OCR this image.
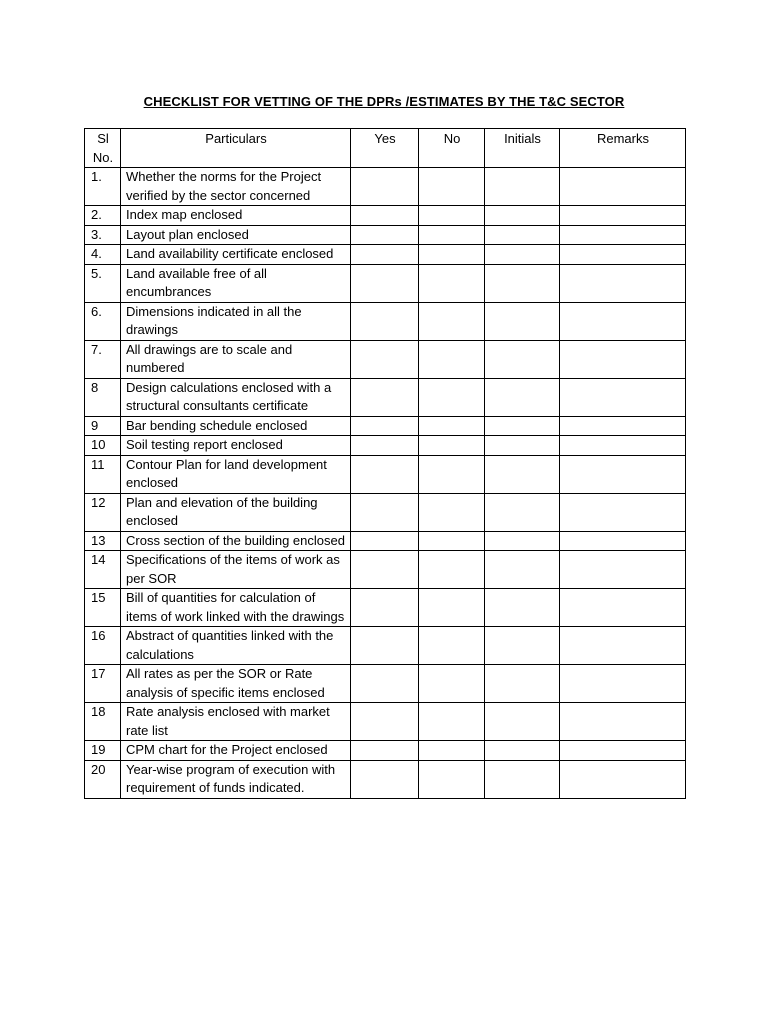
CHECKLIST FOR VETTING OF THE DPRs /ESTIMATES BY THE T&C SECTOR
Sl
No.	Particulars	Yes	No	Initials	Remarks
1.	Whether the norms for the Project verified by the sector concerned				
2.	Index map enclosed				
3.	Layout plan enclosed				
4.	Land availability certificate enclosed				
5.	Land available free of all encumbrances				
6.	Dimensions indicated in all the drawings				
7.	All drawings are to scale and numbered				
8	Design calculations enclosed with a structural consultants certificate				
9	Bar bending schedule enclosed				
10	Soil testing report enclosed				
11	Contour Plan for land development enclosed				
12	Plan and elevation of the building enclosed				
13	Cross section of the building enclosed				
14	Specifications of the items of work as per SOR				
15	Bill of quantities for calculation of items of work linked with the drawings				
16	Abstract of quantities linked with the calculations				
17	All rates as per the SOR or Rate analysis of specific items enclosed				
18	Rate analysis enclosed with market rate list				
19	CPM chart for the Project enclosed				
20	Year-wise program of execution with requirement of funds indicated.				
